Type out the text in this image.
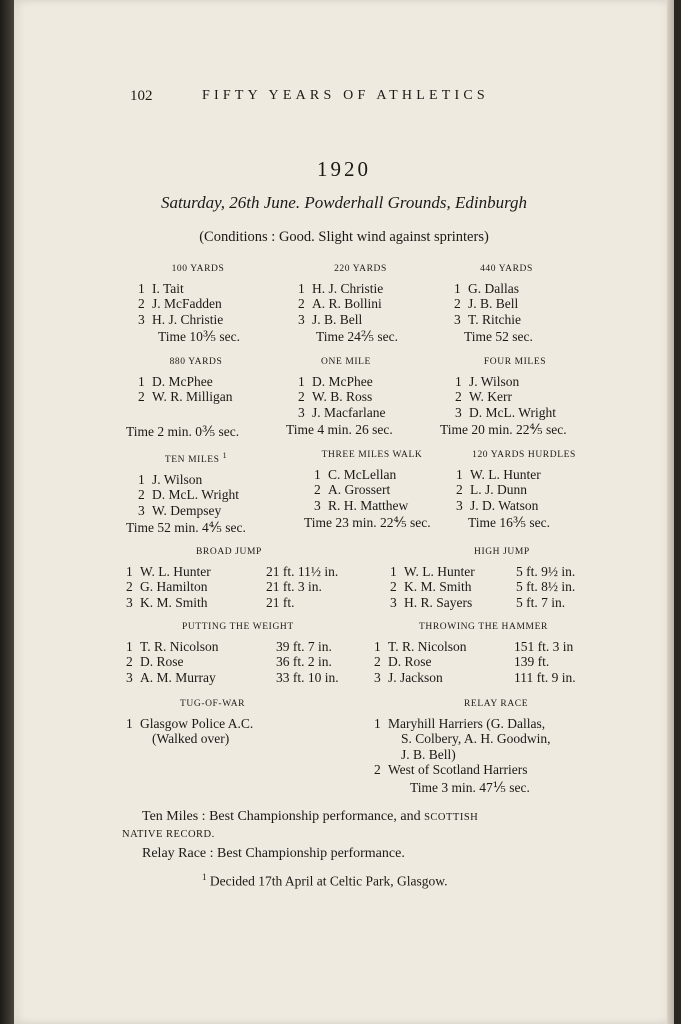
102	FIFTY YEARS OF ATHLETICS
1920
Saturday, 26th June. Powderhall Grounds, Edinburgh
(Conditions : Good. Slight wind against sprinters)
100 YARDS
1 I. Tait
2 J. McFadden
3 H. J. Christie
Time 10⅗ sec.
220 YARDS
1 H. J. Christie
2 A. R. Bollini
3 J. B. Bell
Time 24⅖ sec.
440 YARDS
1 G. Dallas
2 J. B. Bell
3 T. Ritchie
Time 52 sec.
880 YARDS
1 D. McPhee
2 W. R. Milligan
Time 2 min. 0⅗ sec.
ONE MILE
1 D. McPhee
2 W. B. Ross
3 J. Macfarlane
Time 4 min. 26 sec.
FOUR MILES
1 J. Wilson
2 W. Kerr
3 D. McL. Wright
Time 20 min. 22⅘ sec.
TEN MILES $^1$
1 J. Wilson
2 D. McL. Wright
3 W. Dempsey
Time 52 min. 4⅘ sec.
THREE MILES WALK
1 C. McLellan
2 A. Grossert
3 R. H. Matthew
Time 23 min. 22⅘ sec.
120 YARDS HURDLES
1 W. L. Hunter
2 L. J. Dunn
3 J. D. Watson
Time 16⅗ sec.
BROAD JUMP
1 W. L. Hunter	21 ft. 11½ in.
2 G. Hamilton	21 ft. 3 in.
3 K. M. Smith	21 ft.
HIGH JUMP
1 W. L. Hunter	5 ft. 9½ in.
2 K. M. Smith	5 ft. 8½ in.
3 H. R. Sayers	5 ft. 7 in.
PUTTING THE WEIGHT
1 T. R. Nicolson	39 ft. 7 in.
2 D. Rose	36 ft. 2 in.
3 A. M. Murray	33 ft. 10 in.
THROWING THE HAMMER
1 T. R. Nicolson	151 ft. 3 in
2 D. Rose	139 ft.
3 J. Jackson	111 ft. 9 in.
TUG-OF-WAR
1 Glasgow Police A.C.
(Walked over)
RELAY RACE
1 Maryhill Harriers (G. Dallas,
S. Colbery, A. H. Goodwin,
J. B. Bell)
2 West of Scotland Harriers
Time 3 min. 47⅕ sec.
Ten Miles : Best Championship performance, and SCOTTISH
NATIVE RECORD.
Relay Race : Best Championship performance.
$^1$ Decided 17th April at Celtic Park, Glasgow.
